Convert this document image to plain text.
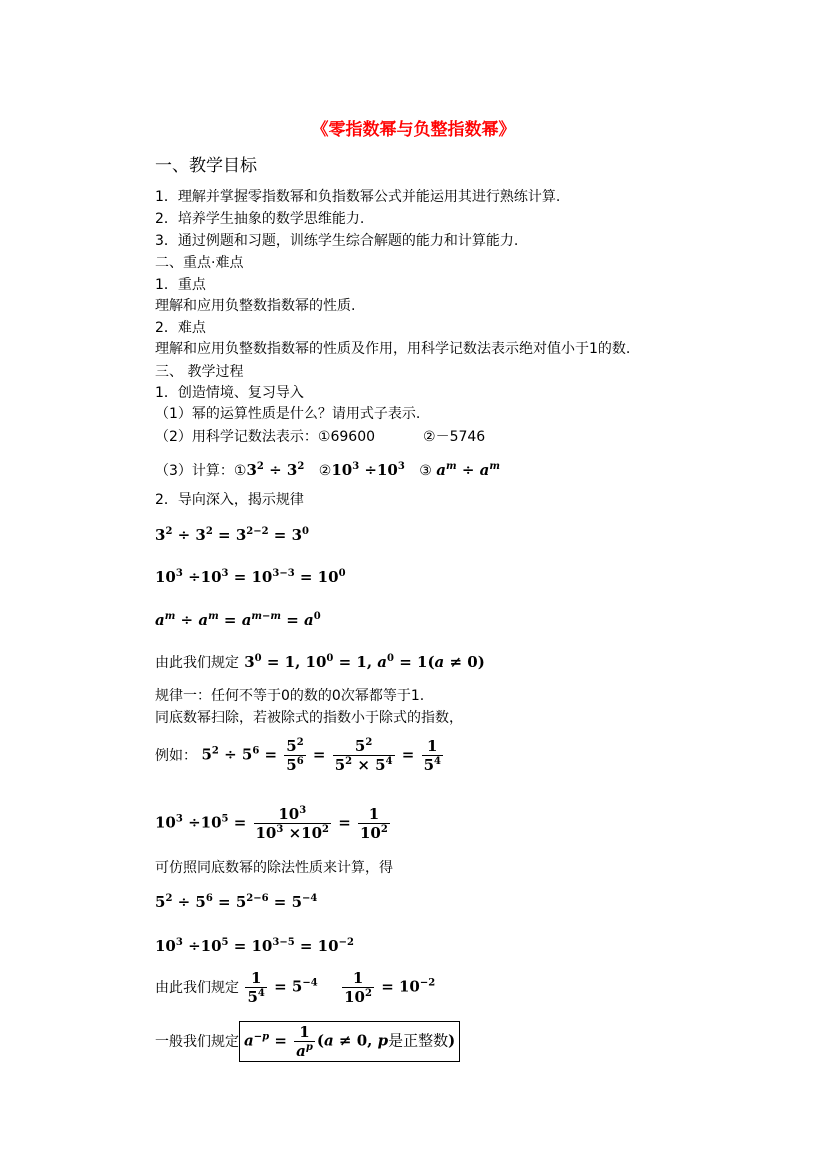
《零指数幂与负整指数幂》
一、教学目标
1．理解并掌握零指数幂和负指数幂公式并能运用其进行熟练计算.
2．培养学生抽象的数学思维能力.
3．通过例题和习题，训练学生综合解题的能力和计算能力.
二、重点·难点
1．重点
理解和应用负整数指数幂的性质.
2．难点
理解和应用负整数指数幂的性质及作用，用科学记数法表示绝对值小于1的数.
三、 教学过程
1．创造情境、复习导入
（1）幂的运算性质是什么？请用式子表示.
（2）用科学记数法表示：①69600	②－5746
（3）计算：$①3^2 \div 3^2$ $②10^3 \div 10^3$ ③ $a^m \div a^m$
2．导向深入，揭示规律
$3^2 \div 3^2 = 3^{2-2} = 3^0$
$10^3 \div 10^3 = 10^{3-3} = 10^0$
$a^m \div a^m = a^{m-m} = a^0$
由此我们规定 $3^0 = 1$, $10^0 = 1$, $a^0 = 1(a \ne 0)$
规律一：任何不等于0的数的0次幂都等于1.
同底数幂扫除，若被除式的指数小于除式的指数，
例如： $5^2 \div 5^6 = \frac{5^2}{5^6} = \frac{5^2}{5^2 \times 5^4} = \frac{1}{5^4}$
$10^3 \div 10^5 = \frac{10^3}{10^3 \times 10^2} = \frac{1}{10^2}$
可仿照同底数幂的除法性质来计算，得
$5^2 \div 5^6 = 5^{2-6} = 5^{-4}$
$10^3 \div 10^5 = 10^{3-5} = 10^{-2}$
由此我们规定 $\frac{1}{5^4} = 5^{-4} \frac{1}{10^2} = 10^{-2}$
一般我们规定 $a^{-p} = \frac{1}{a^p} (a \ne 0$, p是正整数)
